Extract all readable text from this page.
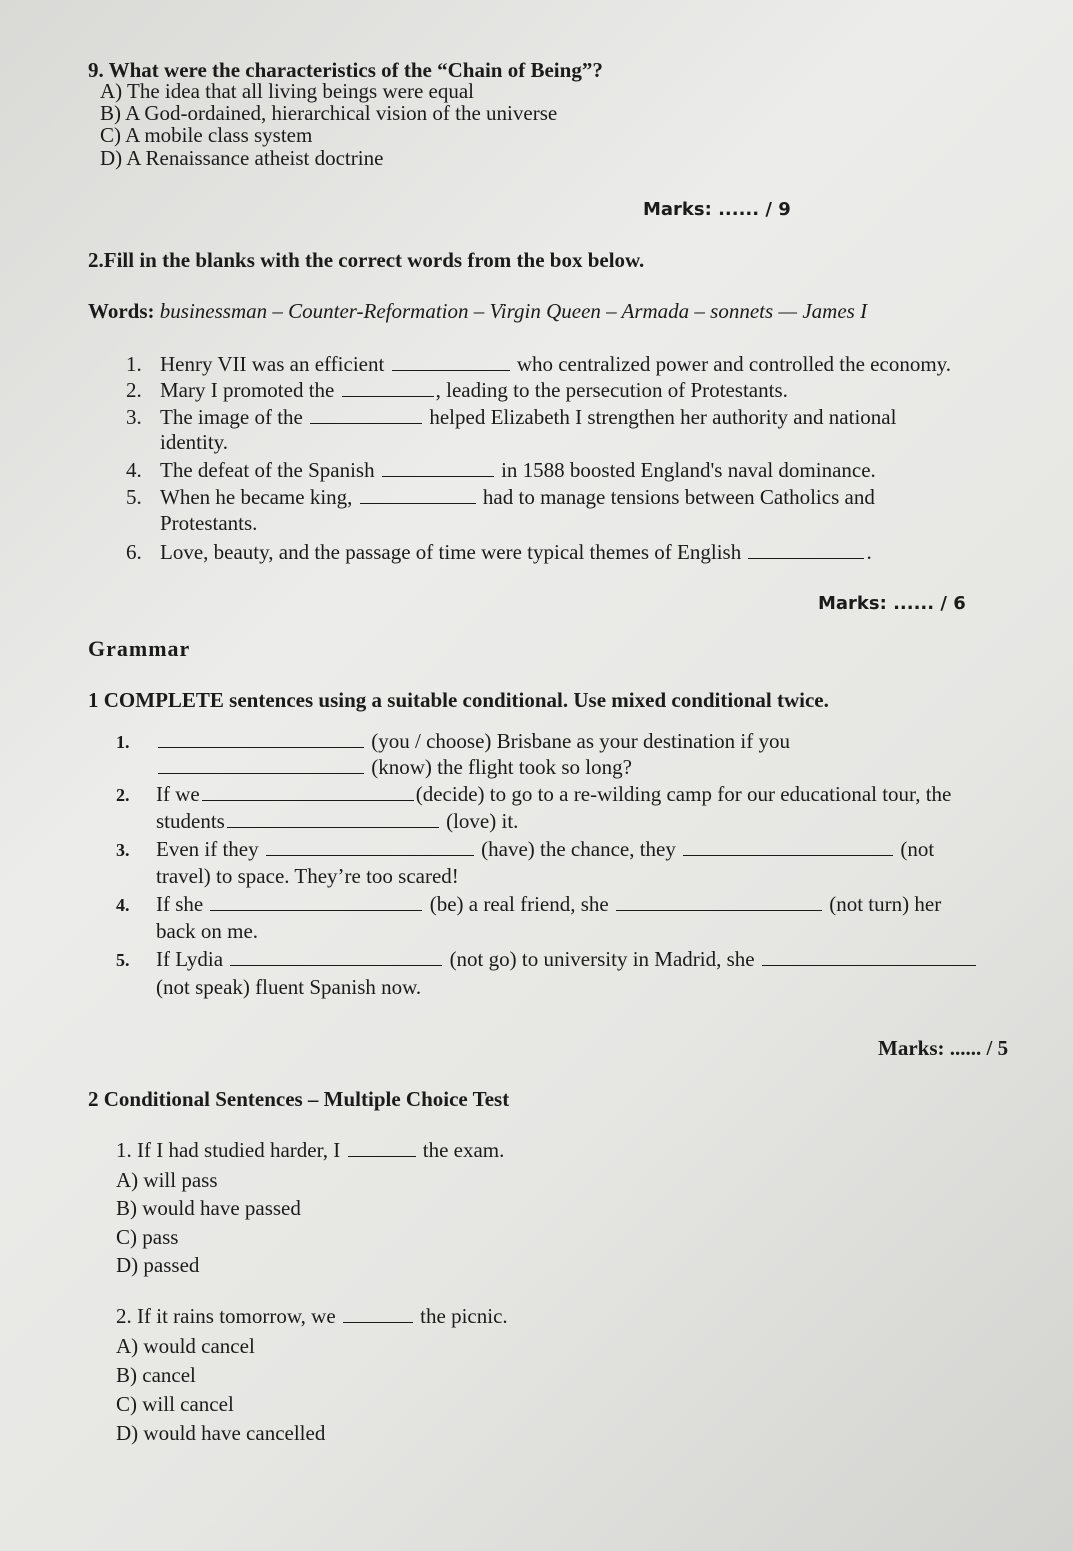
9. What were the characteristics of the “Chain of Being”?
A) The idea that all living beings were equal
B) A God-ordained, hierarchical vision of the universe
C) A mobile class system
D) A Renaissance atheist doctrine
Marks: ...... / 9
2.Fill in the blanks with the correct words from the box below.
Words: businessman – Counter-Reformation – Virgin Queen – Armada – sonnets — James I
1. Henry VII was an efficient	who centralized power and controlled the economy.
2. Mary I promoted the	, leading to the persecution of Protestants.
3. The image of the	helped Elizabeth I strengthen her authority and national
identity.
4. The defeat of the Spanish	in 1588 boosted England's naval dominance.
5. When he became king,	had to manage tensions between Catholics and
Protestants.
6. Love, beauty, and the passage of time were typical themes of English	.
Marks: ...... / 6
Grammar
1 COMPLETE sentences using a suitable conditional. Use mixed conditional twice.
1.	(you / choose) Brisbane as your destination if you
(know) the flight took so long?
2. If we	(decide) to go to a re-wilding camp for our educational tour, the
students	(love) it.
3. Even if they	(have) the chance, they	(not
travel) to space. They’re too scared!
4. If she	(be) a real friend, she	(not turn) her
back on me.
5. If Lydia	(not go) to university in Madrid, she
(not speak) fluent Spanish now.
Marks: ...... / 5
2 Conditional Sentences – Multiple Choice Test
1. If I had studied harder, I	the exam.
A) will pass
B) would have passed
C) pass
D) passed
2. If it rains tomorrow, we	the picnic.
A) would cancel
B) cancel
C) will cancel
D) would have cancelled
